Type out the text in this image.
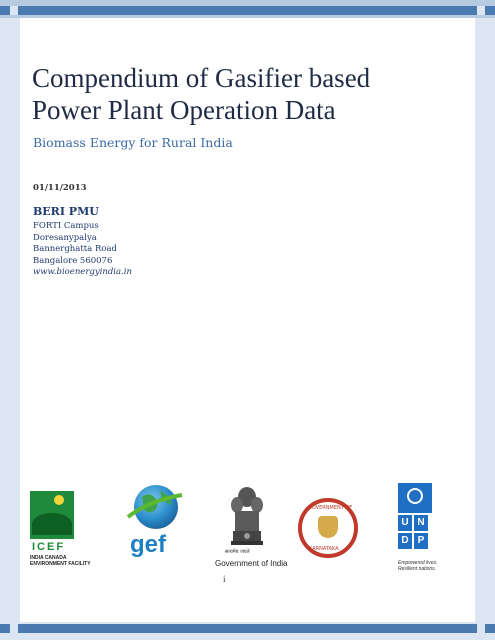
Compendium of Gasifier based
Power Plant Operation Data
Biomass Energy for Rural India
01/11/2013
BERI PMU
FORTI Campus
Doresanypalya
Bannerghatta Road
Bangalore 560076
www.bioenergyindia.in
ICEF
INDIA CANADA
ENVIRONMENT FACILITY
gef	सत्यमेव जयते
Government of India
GOVERNMENT OF
KARNATAKA
U N
D P
Empowered lives.
Resilient nations.
i
